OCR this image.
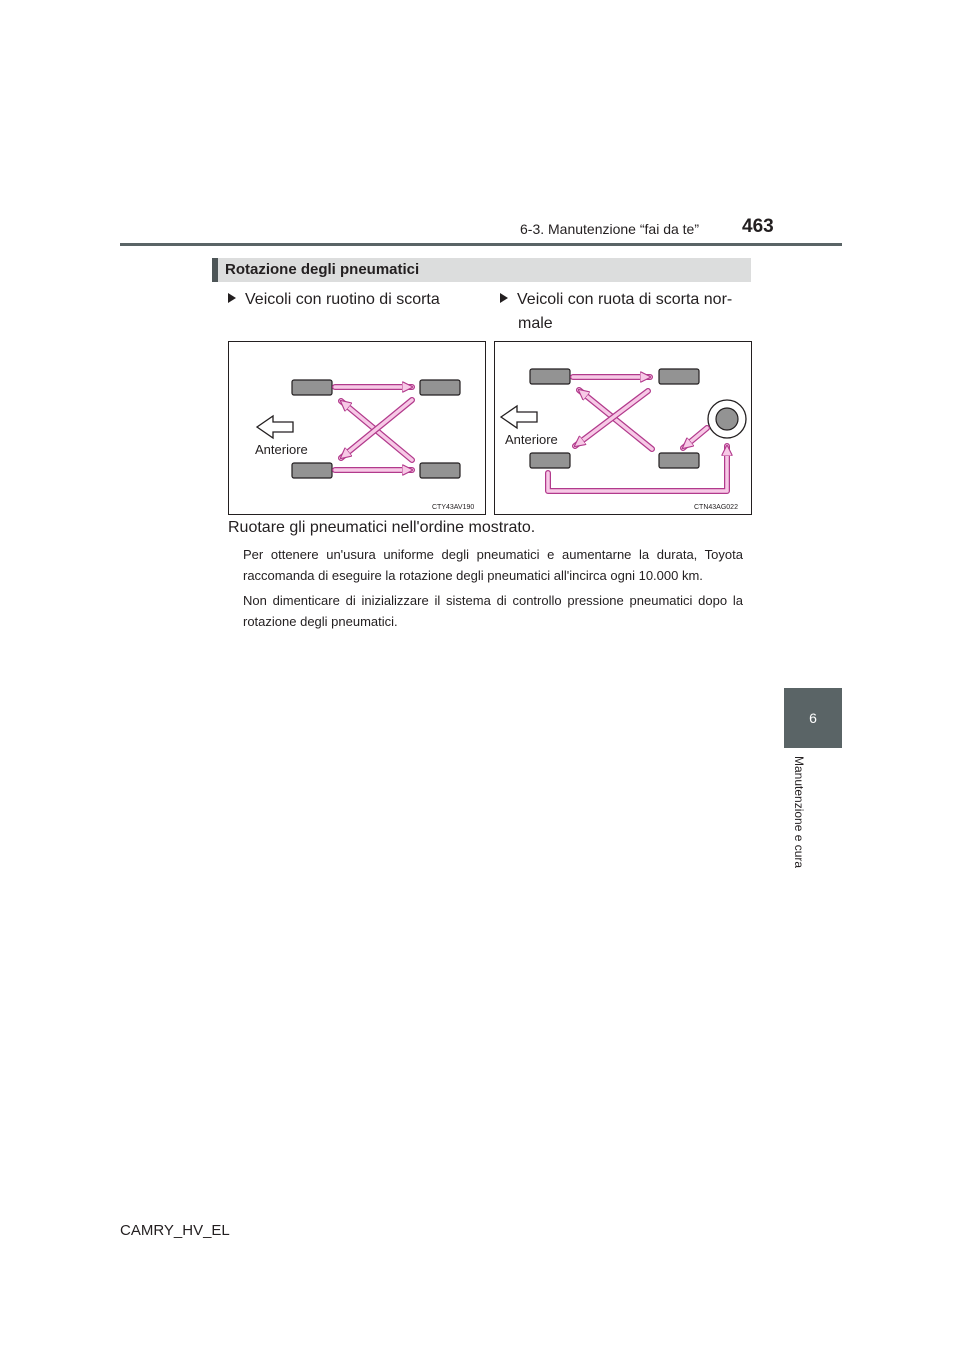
6-3. Manutenzione “fai da te” 463
Rotazione degli pneumatici
Veicoli con ruotino di scorta	Veicoli con ruota di scorta nor-
male
Anteriore
CTY43AV190
Anteriore
CTN43AG022
Ruotare gli pneumatici nell'ordine mostrato.
Per ottenere un'usura uniforme degli pneumatici e aumentarne la durata, Toyota raccomanda di eseguire la rotazione degli pneumatici all'incirca ogni 10.000 km.
Non dimenticare di inizializzare il sistema di controllo pressione pneumatici dopo la rotazione degli pneumatici.
6
Manutenzione e cura
CAMRY_HV_EL
